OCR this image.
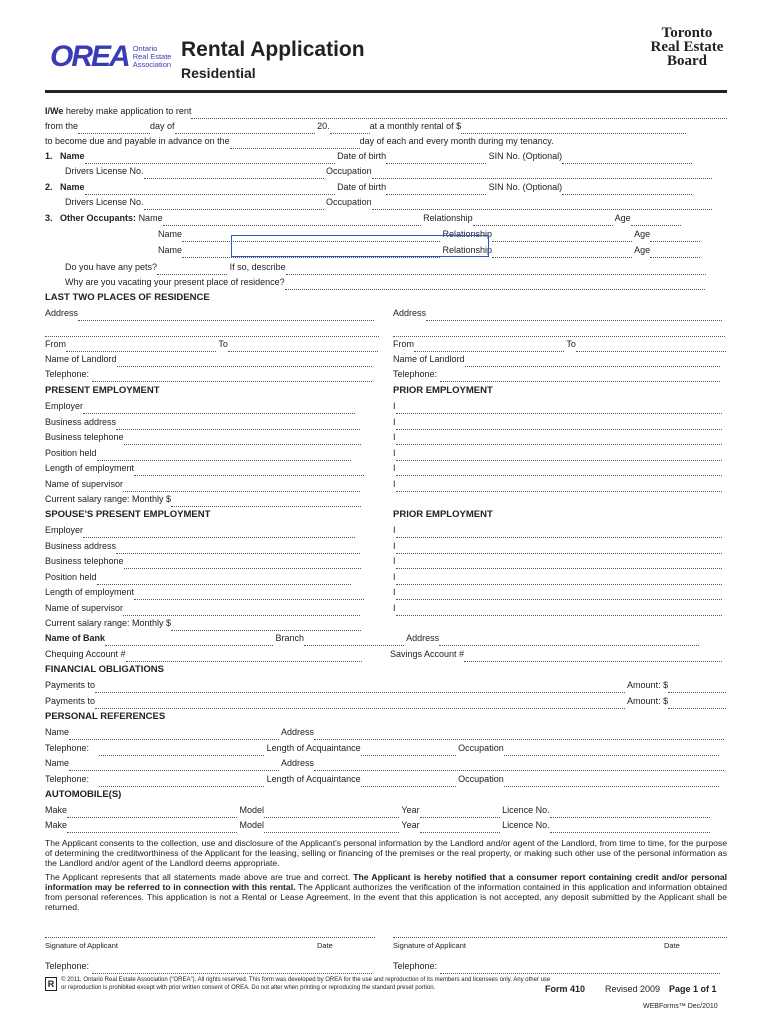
OREA Ontario Real Estate Association
Rental Application
Residential
Toronto Real Estate Board
I/We hereby make application to rent
from the	day of	20.	at a monthly rental of $
to become due and payable in advance on the	day of each and every month during my tenancy.
1. Name	Date of birth	SIN No. (Optional)
Drivers License No.	Occupation
2. Name	Date of birth	SIN No. (Optional)
Drivers License No.	Occupation
3. Other Occupants: Name	Relationship	Age
Name	Relationship	Age
Name	Relationship	Age
Do you have any pets?	If so, describe
Why are you vacating your present place of residence?
LAST TWO PLACES OF RESIDENCE
Address	Address
From	To	From	To
Name of Landlord	Name of Landlord
Telephone:	Telephone:
PRESENT EMPLOYMENT	PRIOR EMPLOYMENT
Employer	I
Business address	I
Business telephone	I
Position held	I
Length of employment	I
Name of supervisor	I
Current salary range: Monthly $
SPOUSE'S PRESENT EMPLOYMENT	PRIOR EMPLOYMENT
Employer	I
Business address	I
Business telephone	I
Position held	I
Length of employment	I
Name of supervisor	I
Current salary range: Monthly $
Name of Bank	Branch	Address
Chequing Account #	Savings Account #
FINANCIAL OBLIGATIONS
Payments to	Amount: $
Payments to	Amount: $
PERSONAL REFERENCES
Name	Address
Telephone:	Length of Acquaintance	Occupation
Name	Address
Telephone:	Length of Acquaintance	Occupation
AUTOMOBILE(S)
Make	Model	Year	Licence No.
Make	Model	Year	Licence No.
The Applicant consents to the collection, use and disclosure of the Applicant's personal information by the Landlord and/or agent of the Landlord, from time to time, for the purpose of determining the creditworthiness of the Applicant for the leasing, selling or financing of the premises or the real property, or making such other use of the personal information as the Landlord and/or agent of the Landlord deems appropriate.
The Applicant represents that all statements made above are true and correct. The Applicant is hereby notified that a consumer report containing credit and/or personal information may be referred to in connection with this rental. The Applicant authorizes the verification of the information contained in this application and information obtained from personal references. This application is not a Rental or Lease Agreement. In the event that this application is not accepted, any deposit submitted by the Applicant shall be returned.
Signature of Applicant	Date	Signature of Applicant	Date
Telephone:	Telephone:
R	© 2011, Ontario Real Estate Association ("OREA"). All rights reserved. This form was developed by OREA for the use and reproduction of its members and licensees only. Any other use or reproduction is prohibited except with prior written consent of OREA. Do not alter when printing or reproducing the standard preset portion.	Form 410 Revised 2009 Page 1 of 1
WEBForms™ Dec/2010
